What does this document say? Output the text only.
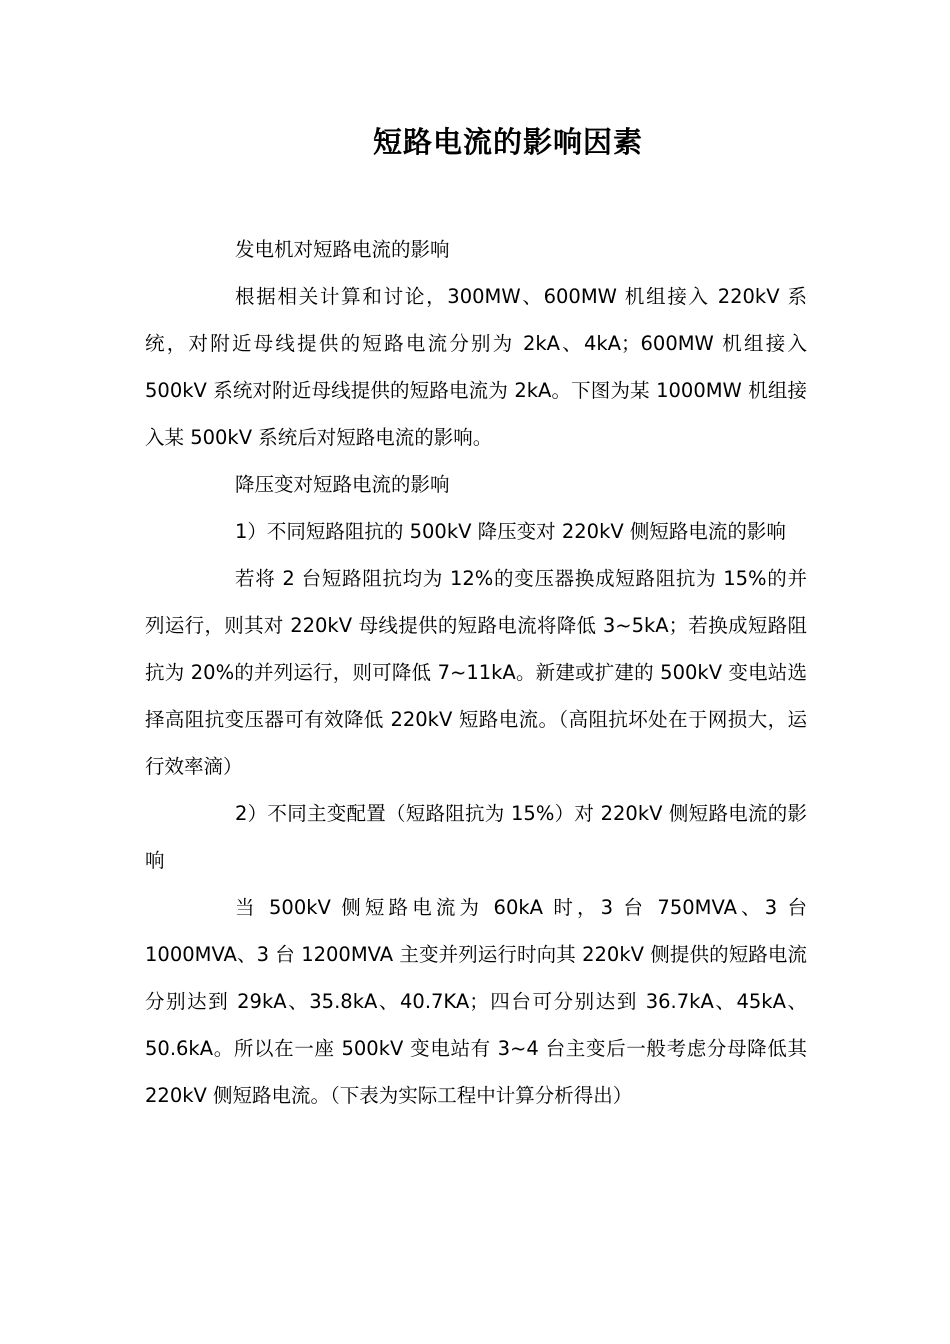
短路电流的影响因素

发电机对短路电流的影响

根据相关计算和讨论，300MW、600MW 机组接入 220kV 系统，对附近母线提供的短路电流分别为 2kA、4kA；600MW 机组接入 500kV 系统对附近母线提供的短路电流为 2kA。下图为某 1000MW 机组接入某 500kV 系统后对短路电流的影响。

降压变对短路电流的影响

1）不同短路阻抗的 500kV 降压变对 220kV 侧短路电流的影响

若将 2 台短路阻抗均为 12%的变压器换成短路阻抗为 15%的并列运行，则其对 220kV 母线提供的短路电流将降低 3~5kA；若换成短路阻抗为 20%的并列运行，则可降低 7~11kA。新建或扩建的 500kV 变电站选择高阻抗变压器可有效降低 220kV 短路电流。（高阻抗坏处在于网损大，运行效率滴）

2）不同主变配置（短路阻抗为 15%）对 220kV 侧短路电流的影响

当 500kV 侧短路电流为 60kA 时，3 台 750MVA、3 台 1000MVA、3 台 1200MVA 主变并列运行时向其 220kV 侧提供的短路电流分别达到 29kA、35.8kA、40.7KA；四台可分别达到 36.7kA、45kA、50.6kA。所以在一座 500kV 变电站有 3~4 台主变后一般考虑分母降低其 220kV 侧短路电流。（下表为实际工程中计算分析得出）
